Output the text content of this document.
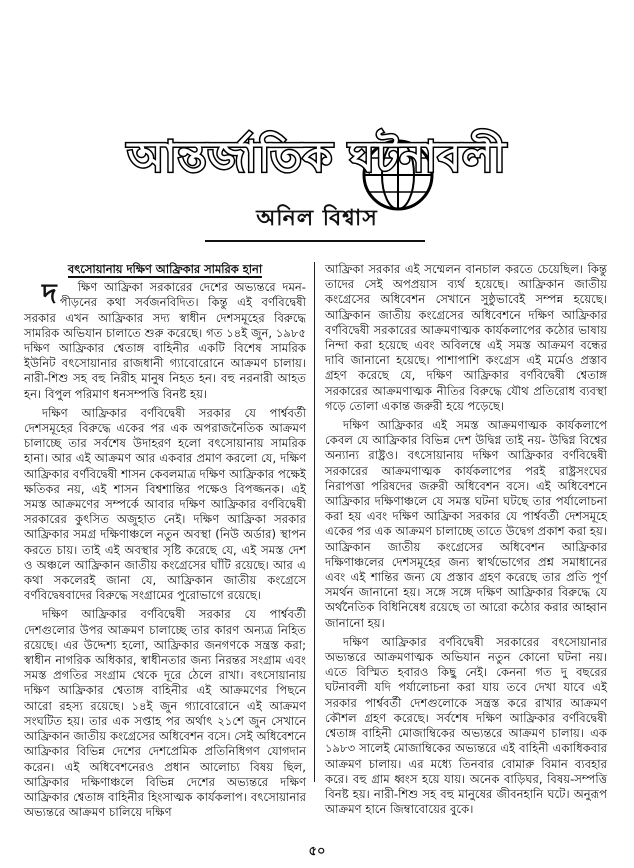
আন্তর্জাতিক ঘটনাবলী
অনিল বিশ্বাস
বৎসোয়ানায় দক্ষিণ আফ্রিকার সামরিক হানা

দক্ষিণ আফ্রিকা সরকারের দেশের অভ্যন্তরে দমন-পীড়নের কথা সর্বজনবিদিত। কিন্তু এই বর্ণবিদ্বেষী সরকার এখন আফ্রিকার সদ্য স্বাধীন দেশসমূহের বিরুদ্ধে সামরিক অভিযান চালাতে শুরু করেছে। গত ১৪ই জুন, ১৯৮৫ দক্ষিণ আফ্রিকার শ্বেতাঙ্গ বাহিনীর একটি বিশেষ সামরিক ইউনিট বৎসোয়ানার রাজধানী গ্যাবোরোনে আক্রমণ চালায়। নারী-শিশু সহ বহু নিরীহ মানুষ নিহত হন। বহু নরনারী আহত হন। বিপুল পরিমাণ ধনসম্পত্তি বিনষ্ট হয়।

দক্ষিণ আফ্রিকার বর্ণবিদ্বেষী সরকার যে পার্শ্ববর্তী দেশসমূহের বিরুদ্ধে একের পর এক অপরাজনৈতিক আক্রমণ চালাচ্ছে তার সর্বশেষ উদাহরণ হলো বৎসোয়ানায় সামরিক হানা। আর এই আক্রমণ আর একবার প্রমাণ করলো যে, দক্ষিণ আফ্রিকার বর্ণবিদ্বেষী শাসন কেবলমাত্র দক্ষিণ আফ্রিকার পক্ষেই ক্ষতিকর নয়, এই শাসন বিশ্বশান্তির পক্ষেও বিপজ্জনক। এই সমস্ত আক্রমণের সম্পর্কে আবার দক্ষিণ আফ্রিকার বর্ণবিদ্বেষী সরকারের কুৎসিত অজুহাত নেই। দক্ষিণ আফ্রিকা সরকার আফ্রিকার সমগ্র দক্ষিণাঞ্চলে নতুন অবস্থা (নিউ অর্ডার) স্থাপন করতে চায়। তাই এই অবস্থার সৃষ্টি করেছে যে, এই সমস্ত দেশ ও অঞ্চলে আফ্রিকান জাতীয় কংগ্রেসের ঘাঁটি রয়েছে। আর এ কথা সকলেরই জানা যে, আফ্রিকান জাতীয় কংগ্রেসে বর্ণবিদ্বেষবাদের বিরুদ্ধে সংগ্রামের পুরোভাগে রয়েছে।

দক্ষিণ আফ্রিকার বর্ণবিদ্বেষী সরকার যে পার্শ্ববর্তী দেশগুলোর উপর আক্রমণ চালাচ্ছে তার কারণ অন্যত্র নিহিত রয়েছে। এর উদ্দেশ্য হলো, আফ্রিকার জনগণকে সন্ত্রস্ত করা; স্বাধীন নাগরিক অধিকার, স্বাধীনতার জন্য নিরন্তর সংগ্রাম এবং সমস্ত প্রগতির সংগ্রাম থেকে দূরে ঠেলে রাখা। বৎসোয়ানায় দক্ষিণ আফ্রিকার শ্বেতাঙ্গ বাহিনীর এই আক্রমণের পিছনে আরো রহস্য রয়েছে। ১৪ই জুন গ্যাবোরোনে এই আক্রমণ সংঘটিত হয়। তার এক সপ্তাহ পর অর্থাৎ ২১শে জুন সেখানে আফ্রিকান জাতীয় কংগ্রেসের অধিবেশন বসে। সেই অধিবেশনে আফ্রিকার বিভিন্ন দেশের দেশপ্রেমিক প্রতিনিধিগণ যোগদান করেন। এই অধিবেশনেরও প্রধান আলোচ্য বিষয় ছিল, আফ্রিকার দক্ষিণাঞ্চলে বিভিন্ন দেশের অভ্যন্তরে দক্ষিণ আফ্রিকার শ্বেতাঙ্গ বাহিনীর হিংসাত্মক কার্যকলাপ। বৎসোয়ানার অভ্যন্তরে আক্রমণ চালিয়ে দক্ষিণ

আফ্রিকা সরকার এই সম্মেলন বানচাল করতে চেয়েছিল। কিন্তু তাদের সেই অপপ্রয়াস ব্যর্থ হয়েছে। আফ্রিকান জাতীয় কংগ্রেসের অধিবেশন সেখানে সুষ্ঠুভাবেই সম্পন্ন হয়েছে। আফ্রিকান জাতীয় কংগ্রেসের অধিবেশনে দক্ষিণ আফ্রিকার বর্ণবিদ্বেষী সরকারের আক্রমণাত্মক কার্যকলাপের কঠোর ভাষায় নিন্দা করা হয়েছে এবং অবিলম্বে এই সমস্ত আক্রমণ বন্ধের দাবি জানানো হয়েছে। পাশাপাশি কংগ্রেস এই মর্মেও প্রস্তাব গ্রহণ করেছে যে, দক্ষিণ আফ্রিকার বর্ণবিদ্বেষী শ্বেতাঙ্গ সরকারের আক্রমণাত্মক নীতির বিরুদ্ধে যৌথ প্রতিরোধ ব্যবস্থা গড়ে তোলা একান্ত জরুরী হয়ে পড়েছে।

দক্ষিণ আফ্রিকার এই সমস্ত আক্রমণাত্মক কার্যকলাপে কেবল যে আফ্রিকার বিভিন্ন দেশ উদ্বিগ্ন তাই নয়- উদ্বিগ্ন বিশ্বের অন্যান্য রাষ্ট্রও। বৎসোয়ানায় দক্ষিণ আফ্রিকার বর্ণবিদ্বেষী সরকারের আক্রমণাত্মক কার্যকলাপের পরই রাষ্ট্রসংঘের নিরাপত্তা পরিষদের জরুরী অধিবেশন বসে। এই অধিবেশনে আফ্রিকার দক্ষিণাঞ্চলে যে সমস্ত ঘটনা ঘটছে তার পর্যালোচনা করা হয় এবং দক্ষিণ আফ্রিকা সরকার যে পার্শ্ববর্তী দেশসমূহে একের পর এক আক্রমণ চালাচ্ছে তাতে উদ্বেগ প্রকাশ করা হয়। আফ্রিকান জাতীয় কংগ্রেসের অধিবেশন আফ্রিকার দক্ষিণাঞ্চলের দেশসমূহের জন্য স্বার্থভোগের প্রশ্ন সমাধানের এবং এই শান্তির জন্য যে প্রস্তাব গ্রহণ করেছে তার প্রতি পূর্ণ সমর্থন জানানো হয়। সঙ্গে সঙ্গে দক্ষিণ আফ্রিকার বিরুদ্ধে যে অর্থনৈতিক বিধিনিষেধ রয়েছে তা আরো কঠোর করার আহ্বান জানানো হয়।

দক্ষিণ আফ্রিকার বর্ণবিদ্বেষী সরকারের বৎসোয়ানার অভ্যন্তরে আক্রমণাত্মক অভিযান নতুন কোনো ঘটনা নয়। এতে বিস্মিত হবারও কিছু নেই। কেননা গত দু বছরের ঘটনাবলী যদি পর্যালোচনা করা যায় তবে দেখা যাবে এই সরকার পার্শ্ববর্তী দেশগুলোকে সন্ত্রস্ত করে রাখার আক্রমণ কৌশল গ্রহণ করেছে। সর্বশেষ দক্ষিণ আফ্রিকার বর্ণবিদ্বেষী শ্বেতাঙ্গ বাহিনী মোজাম্বিকের অভ্যন্তরে আক্রমণ চালায়। এক ১৯৮৩ সালেই মোজাম্বিকের অভ্যন্তরে এই বাহিনী একাধিকবার আক্রমণ চালায়। এর মধ্যে তিনবার বোমারু বিমান ব্যবহার করে। বহু গ্রাম ধ্বংস হয়ে যায়। অনেক বাড়িঘর, বিষয়-সম্পত্তি বিনষ্ট হয়। নারী-শিশু সহ বহু মানুষের জীবনহানি ঘটে। অনুরূপ আক্রমণ হানে জিম্বাবোয়ের বুকে।

৫০
